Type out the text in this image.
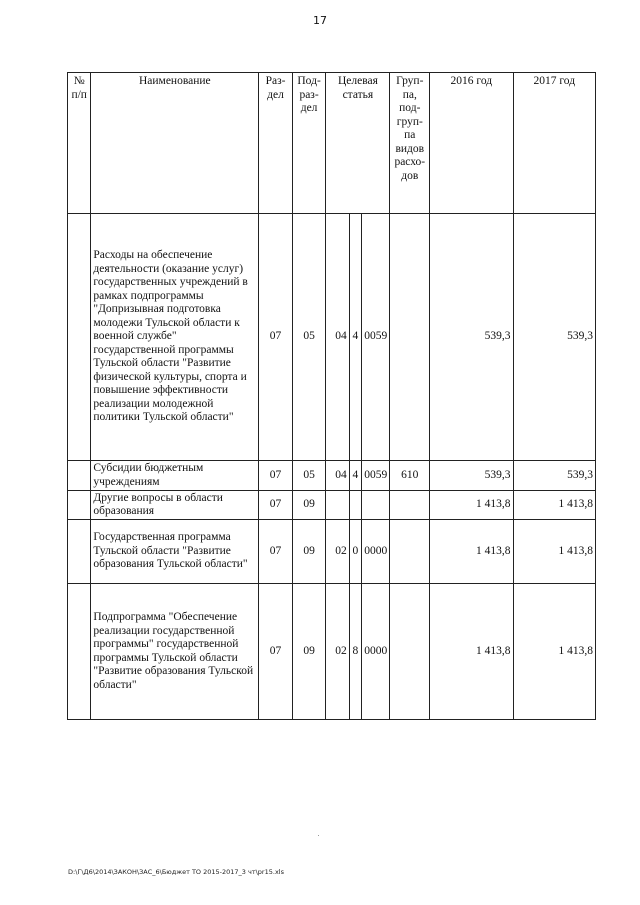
17
№ п/п	Наименование	Раз-дел	Под-раз-дел	Целевая статья			Груп-па, под-груп-па видов расхо-дов	2016 год	2017 год
	Расходы на обеспечение деятельности (оказание услуг) государственных учреждений в рамках подпрограммы "Допризывная подготовка молодежи Тульской области к военной службе" государственной программы Тульской области "Развитие физической культуры, спорта и повышение эффективности реализации молодежной политики Тульской области"	07	05	04	4	0059		539,3	539,3
	Субсидии бюджетным учреждениям	07	05	04	4	0059	610	539,3	539,3
	Другие вопросы в области образования	07	09					1 413,8	1 413,8
	Государственная программа Тульской области "Развитие образования Тульской области"	07	09	02	0	0000		1 413,8	1 413,8
	Подпрограмма "Обеспечение реализации государственной программы" государственной программы Тульской области "Развитие образования Тульской области"	07	09	02	8	0000		1 413,8	1 413,8
D:\Г\Д6\2014\ЗАКОН\ЗАС_6\Бюджет ТО 2015-2017_3 чт\pr15.xls
